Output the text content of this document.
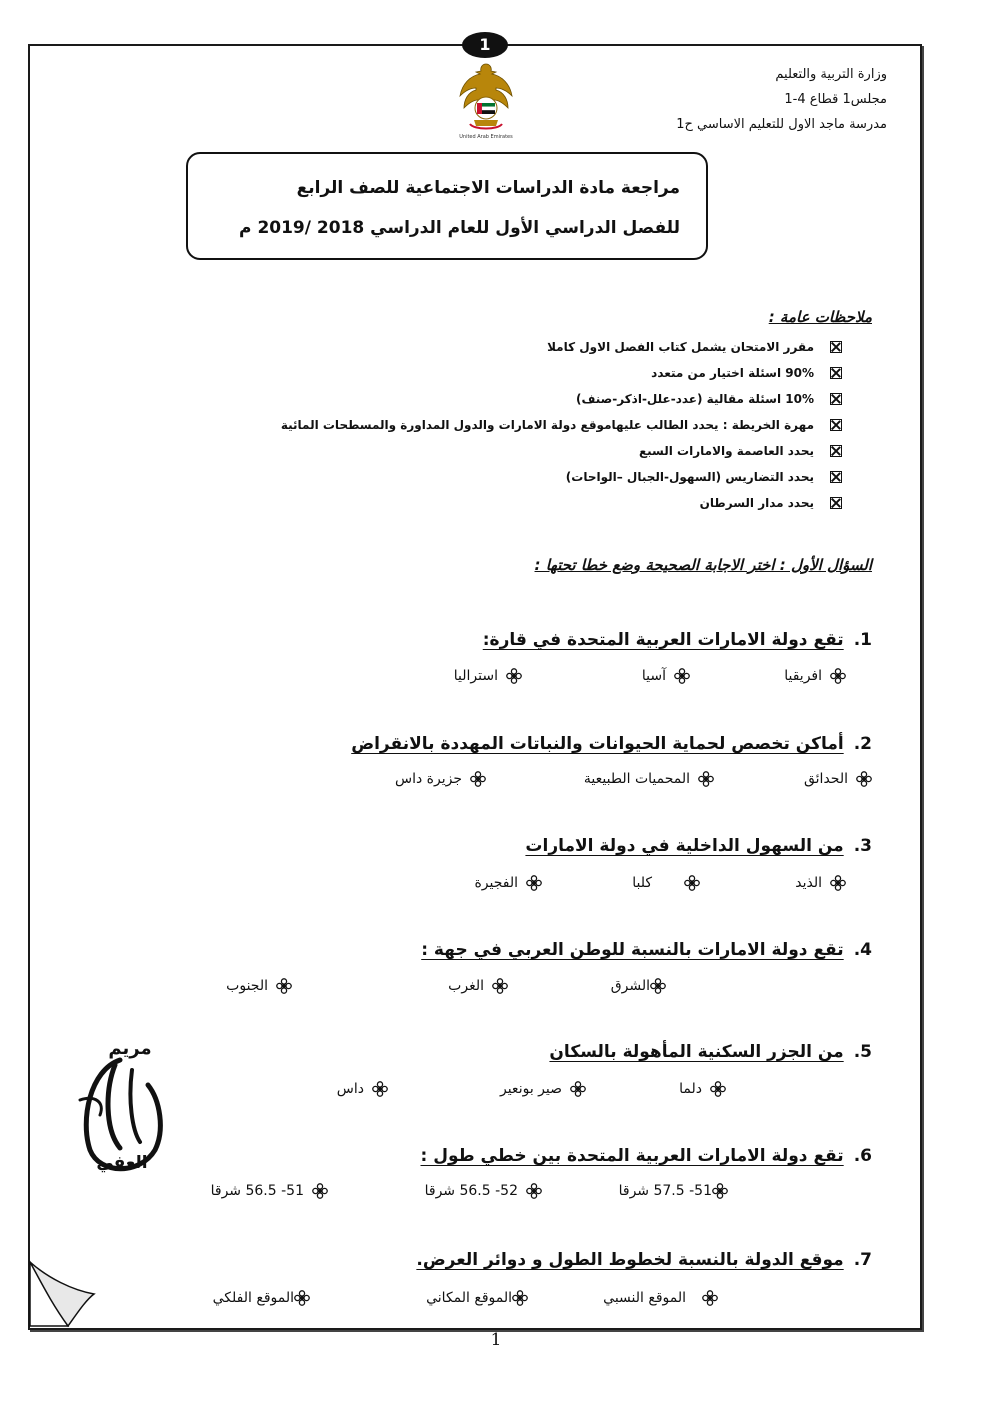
1
United Arab Emirates
وزارة التربية والتعليم
مجلس1 قطاع 4-1
مدرسة ماجد الاول للتعليم الاساسي ح1
مراجعة مادة الدراسات الاجتماعية للصف الرابع
للفصل الدراسي الأول للعام الدراسي 2018 /2019 م
ملاحظات عامة :
مقرر الامتحان يشمل كتاب الفصل الاول كاملا
90% اسئلة اختيار من متعدد
10% اسئلة مقالية (عدد-علل-اذكر-صنف)
مهرة الخريطة : يحدد الطالب عليهاموقع دولة الامارات والدول المداورة والمسطحات المائية
يحدد العاصمة والامارات السبع
يحدد التضاريس (السهول-الجبال –الواحات)
يحدد مدار السرطان
السؤال الأول : اختر الاجابة الصحيحة وضع خطا تحتها :
1.تقع دولة الامارات العربية المتحدة في قارة:
افريقيا
آسيا
استراليا
2.أماكن تخصص لحماية الحيوانات والنباتات المهددة بالانقراض
الحدائق
المحميات الطبيعية
جزيرة داس
3.من السهول الداخلية في دولة الامارات
الذيد
كلبا
الفجيرة
4.تقع دولة الامارات بالنسبة للوطن العربي في جهة :
الشرق
الغرب
الجنوب
5.من الجزر السكنية المأهولة بالسكان
دلما
صير بونعير
داس
6.تقع دولة الامارات العربية المتحدة بين خطي طول :
51- 57.5 شرقا
52- 56.5 شرقا
51- 56.5 شرقا
7.موقع الدولة بالنسبة لخطوط الطول و دوائر العرض.
الموقع النسبي
الموقع المكاني
الموقع الفلكي
مريم
العفي
1
